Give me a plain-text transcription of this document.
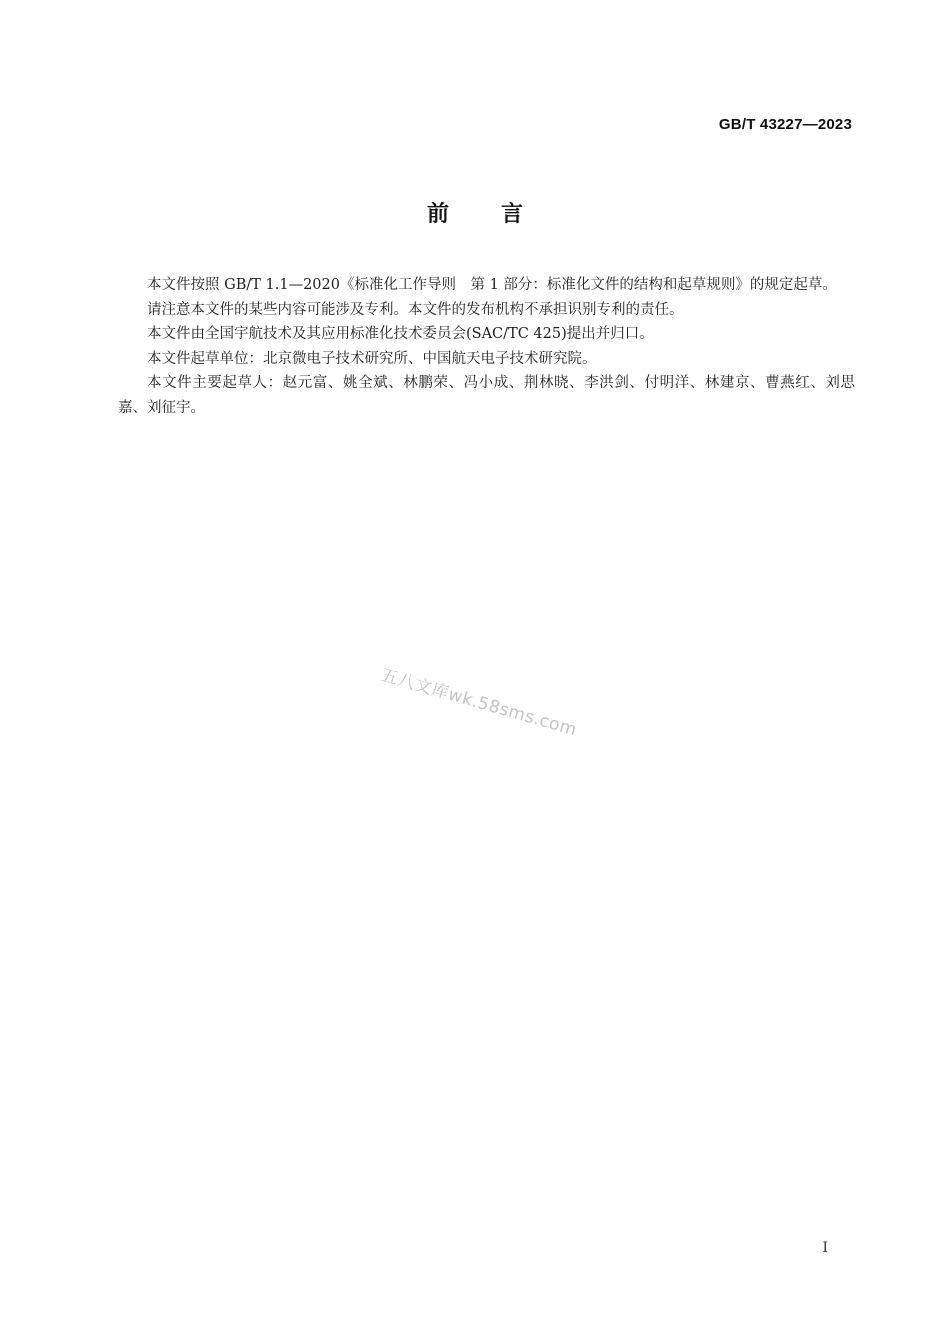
GB/T 43227—2023
前言

本文件按照 GB/T 1.1—2020《标准化工作导则　第 1 部分：标准化文件的结构和起草规则》的规定起草。

请注意本文件的某些内容可能涉及专利。本文件的发布机构不承担识别专利的责任。

本文件由全国宇航技术及其应用标准化技术委员会(SAC/TC 425)提出并归口。

本文件起草单位：北京微电子技术研究所、中国航天电子技术研究院。

本文件主要起草人：赵元富、姚全斌、林鹏荣、冯小成、荆林晓、李洪剑、付明洋、林建京、曹燕红、刘思嘉、刘征宇。

五八文库wk.58sms.com
I
